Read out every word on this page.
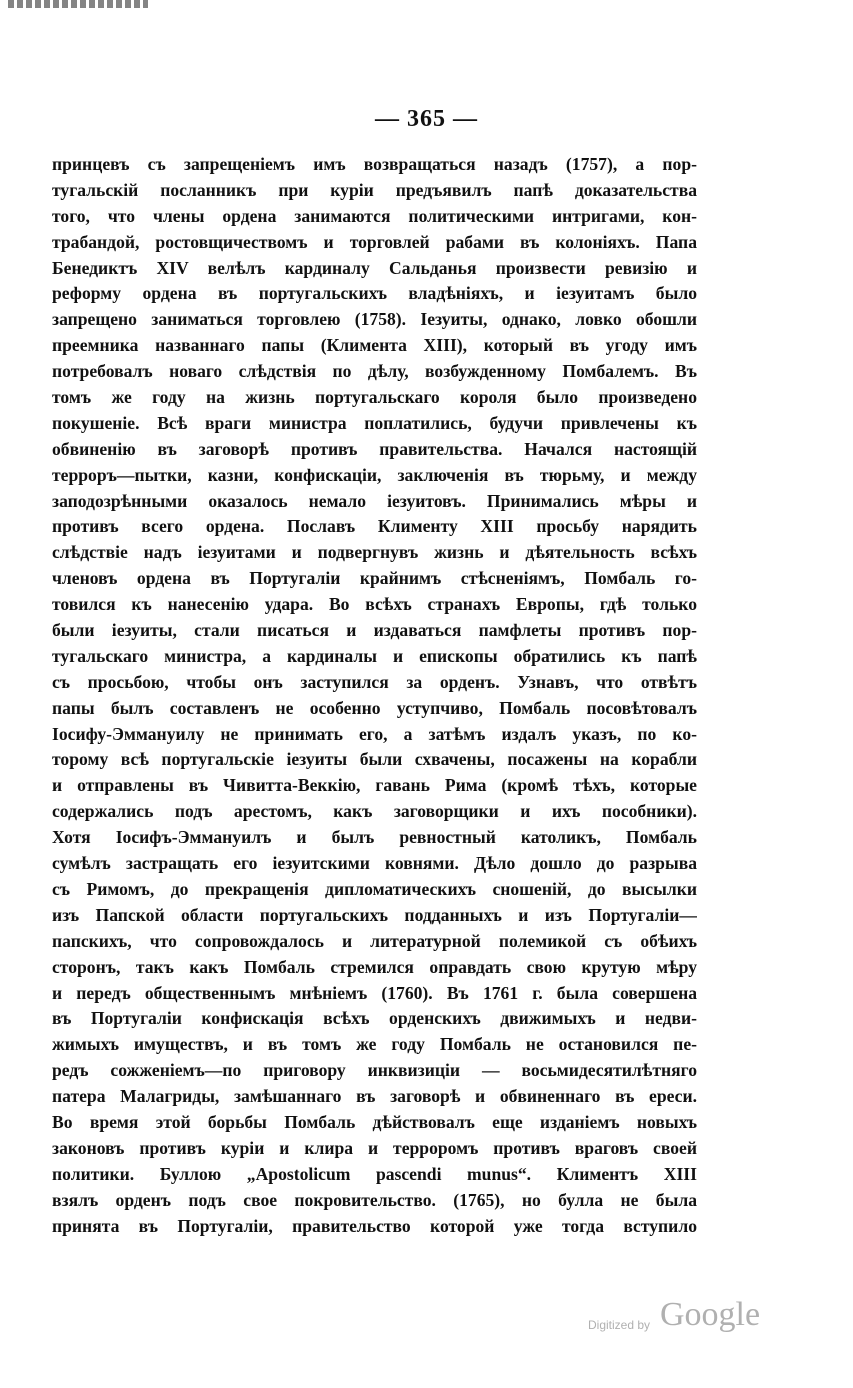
— 365 —
принцевъ съ запрещеніемъ имъ возвращаться назадъ (1757), а пор-
тугальскій посланникъ при куріи предъявилъ папѣ доказательства
того, что члены ордена занимаются политическими интригами, кон-
трабандой, ростовщичествомъ и торговлей рабами въ колоніяхъ. Папа
Бенедиктъ XIV велѣлъ кардиналу Сальданья произвести ревизію и
реформу ордена въ португальскихъ владѣніяхъ, и іезуитамъ было
запрещено заниматься торговлею (1758). Іезуиты, однако, ловко обошли
преемника названнаго папы (Климента XIII), который въ угоду имъ
потребовалъ новаго слѣдствія по дѣлу, возбужденному Помбалемъ. Въ
томъ же году на жизнь португальскаго короля было произведено
покушеніе. Всѣ враги министра поплатились, будучи привлечены къ
обвиненію въ заговорѣ противъ правительства. Начался настоящій
терроръ—пытки, казни, конфискаціи, заключенія въ тюрьму, и между
заподозрѣнными оказалось немало іезуитовъ. Принимались мѣры и
противъ всего ордена. Пославъ Клименту XIII просьбу нарядить
слѣдствіе надъ іезуитами и подвергнувъ жизнь и дѣятельность всѣхъ
членовъ ордена въ Португаліи крайнимъ стѣсненіямъ, Помбаль го-
товился къ нанесенію удара. Во всѣхъ странахъ Европы, гдѣ только
были іезуиты, стали писаться и издаваться памфлеты противъ пор-
тугальскаго министра, а кардиналы и епископы обратились къ папѣ
съ просьбою, чтобы онъ заступился за орденъ. Узнавъ, что отвѣтъ
папы былъ составленъ не особенно уступчиво, Помбаль посовѣтовалъ
Іосифу-Эммануилу не принимать его, а затѣмъ издалъ указъ, по ко-
торому всѣ португальскіе іезуиты были схвачены, посажены на корабли
и отправлены въ Чивитта-Веккію, гавань Рима (кромѣ тѣхъ, которые
содержались подъ арестомъ, какъ заговорщики и ихъ пособники).
Хотя Іосифъ-Эммануилъ и былъ ревностный католикъ, Помбаль
сумѣлъ застращать его іезуитскими ковнями. Дѣло дошло до разрыва
съ Римомъ, до прекращенія дипломатическихъ сношеній, до высылки
изъ Папской области португальскихъ подданныхъ и изъ Португаліи—
папскихъ, что сопровождалось и литературной полемикой съ обѣихъ
сторонъ, такъ какъ Помбаль стремился оправдать свою крутую мѣру
и передъ общественнымъ мнѣніемъ (1760). Въ 1761 г. была совершена
въ Португаліи конфискація всѣхъ орденскихъ движимыхъ и недви-
жимыхъ имуществъ, и въ томъ же году Помбаль не остановился пе-
редъ сожженіемъ—по приговору инквизиціи — восьмидесятилѣтняго
патера Малагриды, замѣшаннаго въ заговорѣ и обвиненнаго въ ереси.
Во время этой борьбы Помбаль дѣйствовалъ еще изданіемъ новыхъ
законовъ противъ куріи и клира и терроромъ противъ враговъ своей
политики. Буллою „Apostolicum pascendi munus“. Климентъ XIII
взялъ орденъ подъ свое покровительство. (1765), но булла не была
принята въ Португаліи, правительство которой уже тогда вступило
Digitized by Google
